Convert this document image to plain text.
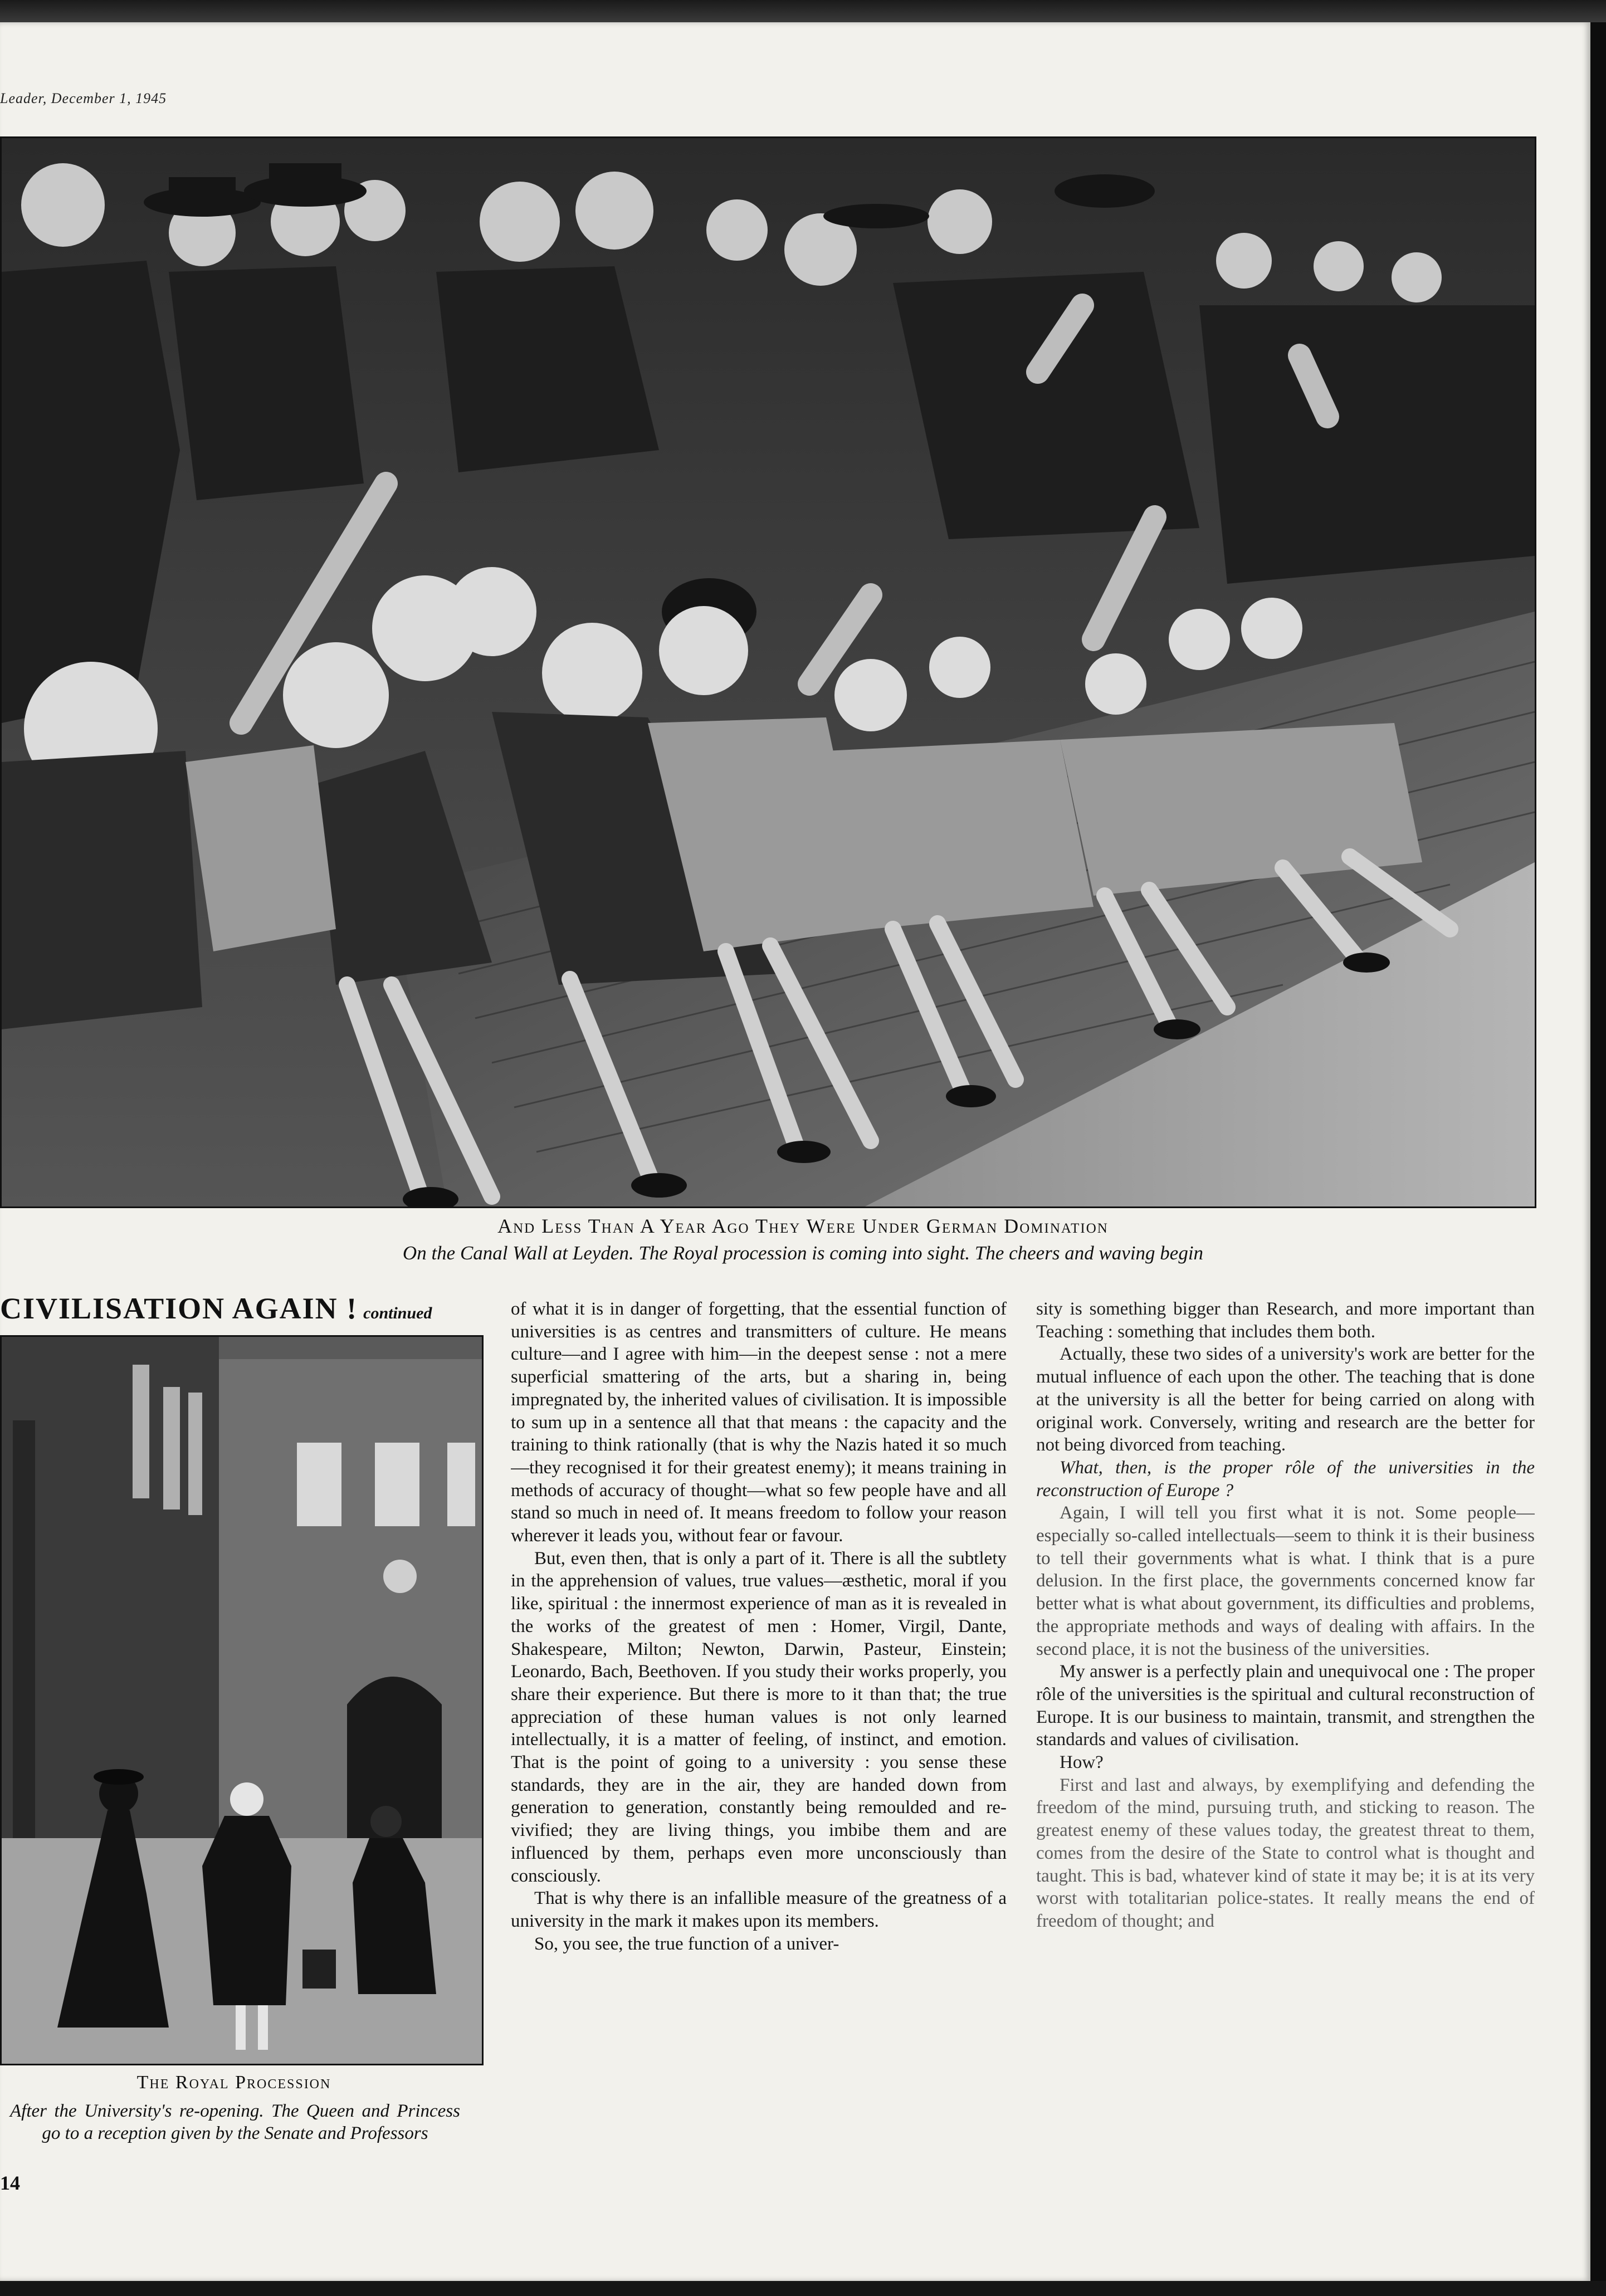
Leader, December 1, 1945
And Less Than A Year Ago They Were Under German Domination
On the Canal Wall at Leyden. The Royal procession is coming into sight. The cheers and waving begin
CIVILISATION AGAIN ! continued
The Royal Procession
After the University's re-opening. The Queen and Princess go to a reception given by the Senate and Professors
14

of what it is in danger of forgetting, that the essential function of universities is as centres and transmitters of culture. He means culture—and I agree with him—in the deepest sense : not a mere superficial smattering of the arts, but a sharing in, being impregnated by, the inherited values of civilisation. It is impossible to sum up in a sentence all that that means : the capacity and the training to think rationally (that is why the Nazis hated it so much—they recognised it for their greatest enemy); it means training in methods of accuracy of thought—what so few people have and all stand so much in need of. It means freedom to follow your reason wherever it leads you, without fear or favour.

But, even then, that is only a part of it. There is all the subtlety in the apprehension of values, true values—æsthetic, moral if you like, spiritual : the innermost experience of man as it is revealed in the works of the greatest of men : Homer, Virgil, Dante, Shakespeare, Milton; Newton, Darwin, Pasteur, Einstein; Leonardo, Bach, Beethoven. If you study their works properly, you share their experience. But there is more to it than that; the true appreciation of these human values is not only learned intellectually, it is a matter of feeling, of instinct, and emotion. That is the point of going to a university : you sense these standards, they are in the air, they are handed down from generation to generation, constantly being remoulded and re-vivified; they are living things, you imbibe them and are influenced by them, perhaps even more unconsciously than consciously.

That is why there is an infallible measure of the greatness of a university in the mark it makes upon its members.

So, you see, the true function of a univer-

sity is something bigger than Research, and more important than Teaching : something that includes them both.

Actually, these two sides of a university's work are better for the mutual influence of each upon the other. The teaching that is done at the university is all the better for being carried on along with original work. Conversely, writing and research are the better for not being divorced from teaching.

What, then, is the proper rôle of the universities in the reconstruction of Europe ?

Again, I will tell you first what it is not. Some people—especially so-called intellectuals—seem to think it is their business to tell their governments what is what. I think that is a pure delusion. In the first place, the governments concerned know far better what is what about government, its difficulties and problems, the appropriate methods and ways of dealing with affairs. In the second place, it is not the business of the universities.

My answer is a perfectly plain and unequivocal one : The proper rôle of the universities is the spiritual and cultural reconstruction of Europe. It is our business to maintain, transmit, and strengthen the standards and values of civilisation.

How?

First and last and always, by exemplifying and defending the freedom of the mind, pursuing truth, and sticking to reason. The greatest enemy of these values today, the greatest threat to them, comes from the desire of the State to control what is thought and taught. This is bad, whatever kind of state it may be; it is at its very worst with totalitarian police-states. It really means the end of freedom of thought; and
